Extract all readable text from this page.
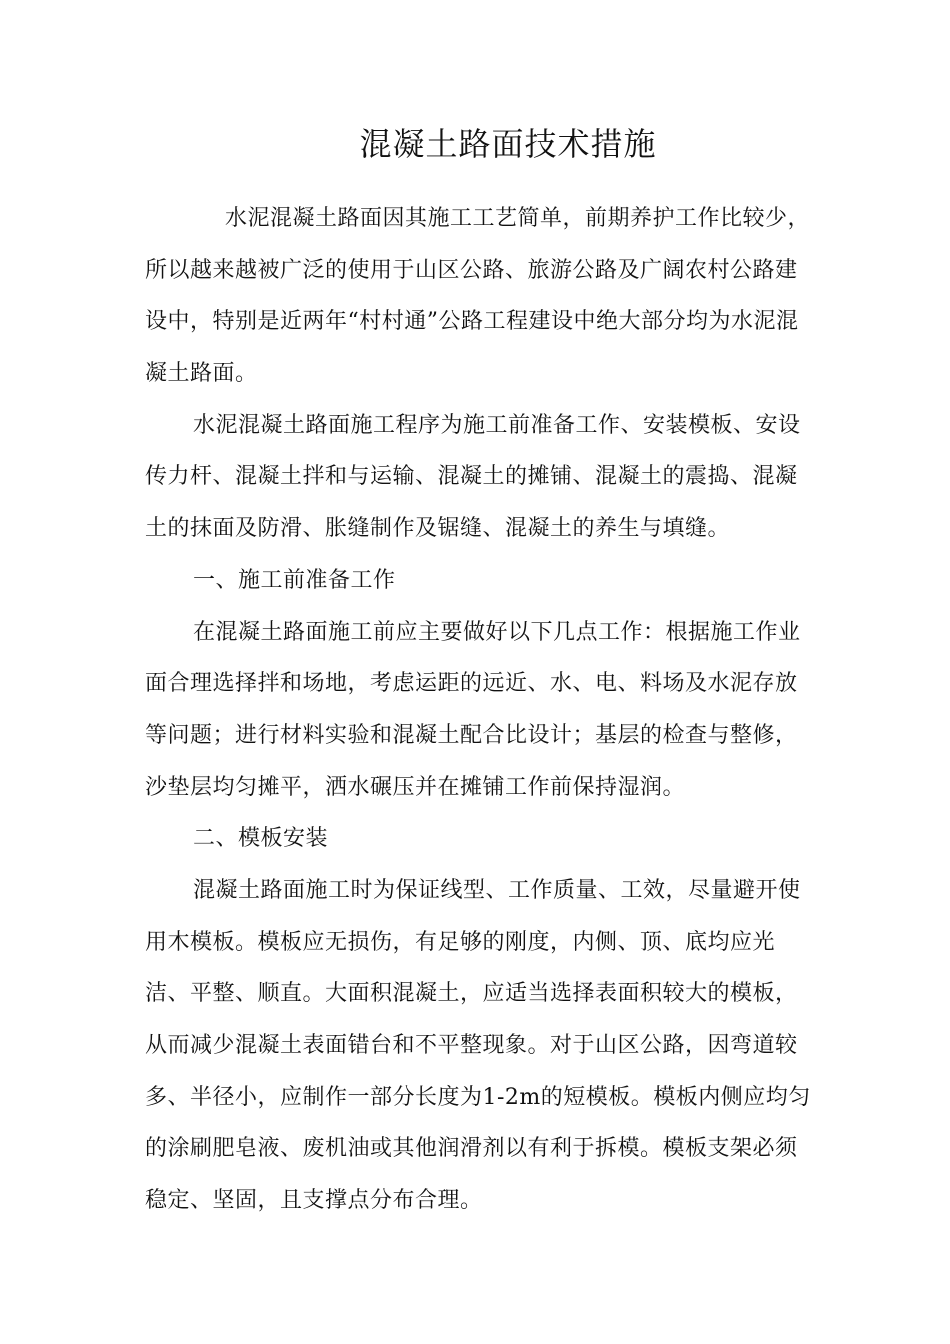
混凝土路面技术措施
水泥混凝土路面因其施工工艺简单，前期养护工作比较少，
所以越来越被广泛的使用于山区公路、旅游公路及广阔农村公路建
设中，特别是近两年“村村通”公路工程建设中绝大部分均为水泥混
凝土路面。
水泥混凝土路面施工程序为施工前准备工作、安装模板、安设
传力杆、混凝土拌和与运输、混凝土的摊铺、混凝土的震捣、混凝
土的抹面及防滑、胀缝制作及锯缝、混凝土的养生与填缝。
一、施工前准备工作
在混凝土路面施工前应主要做好以下几点工作：根据施工作业
面合理选择拌和场地，考虑运距的远近、水、电、料场及水泥存放
等问题；进行材料实验和混凝土配合比设计；基层的检查与整修，
沙垫层均匀摊平，洒水碾压并在摊铺工作前保持湿润。
二、模板安装
混凝土路面施工时为保证线型、工作质量、工效，尽量避开使
用木模板。模板应无损伤，有足够的刚度，内侧、顶、底均应光
洁、平整、顺直。大面积混凝土，应适当选择表面积较大的模板，
从而减少混凝土表面错台和不平整现象。对于山区公路，因弯道较
多、半径小，应制作一部分长度为1-2m的短模板。模板内侧应均匀
的涂刷肥皂液、废机油或其他润滑剂以有利于拆模。模板支架必须
稳定、坚固，且支撑点分布合理。
